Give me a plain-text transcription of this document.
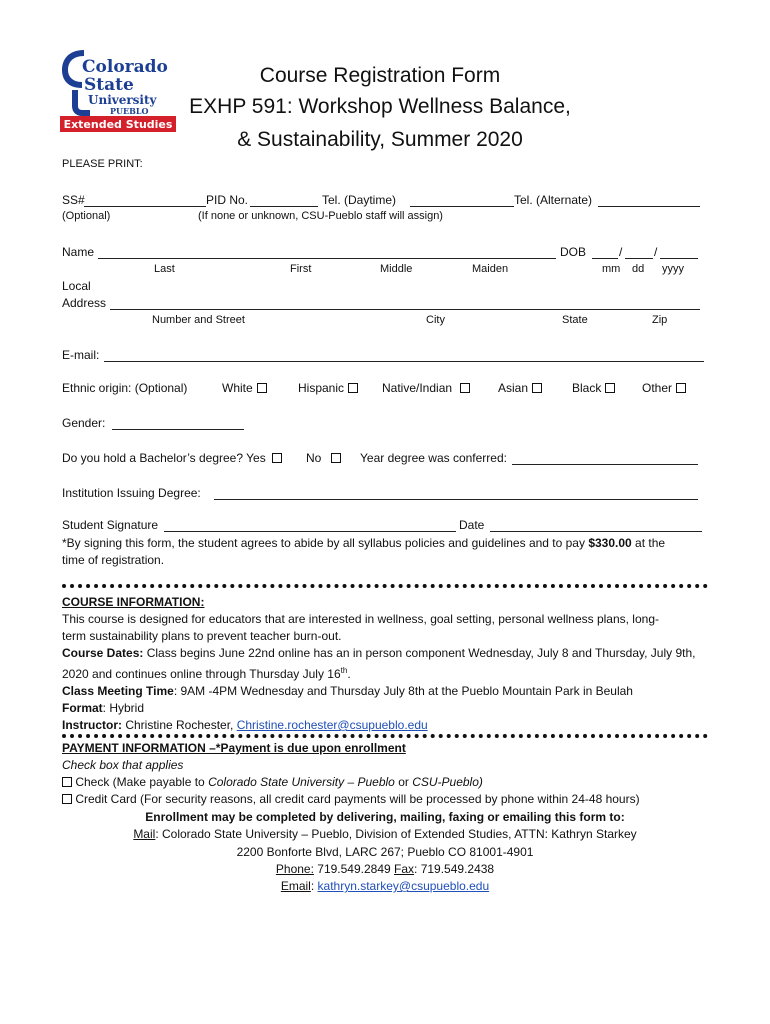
Colorado
State
University
PUEBLO
Extended Studies
Course Registration Form
EXHP 591: Workshop Wellness Balance,
& Sustainability, Summer 2020
PLEASE PRINT:
SS#	PID No.	Tel. (Daytime)	Tel. (Alternate)
(Optional)	(If none or unknown, CSU-Pueblo staff will assign)
Name	DOB	/	/
Last	First	Middle	Maiden	mm dd yyyy
Local
Address
Number and Street	City	State	Zip
E-mail:
Ethnic origin: (Optional)	White	Hispanic	Native/Indian	Asian	Black	Other
Gender:
Do you hold a Bachelor’s degree? Yes	No	Year degree was conferred:
Institution Issuing Degree:
Student Signature	Date
*By signing this form, the student agrees to abide by all syllabus policies and guidelines and to pay $330.00 at the
time of registration.
COURSE INFORMATION:
This course is designed for educators that are interested in wellness, goal setting, personal wellness plans, long-
term sustainability plans to prevent teacher burn-out.
Course Dates: Class begins June 22nd online has an in person component Wednesday, July 8 and Thursday, July 9th,
2020 and continues online through Thursday July 16th.
Class Meeting Time: 9AM -4PM Wednesday and Thursday July 8th at the Pueblo Mountain Park in Beulah
Format: Hybrid
Instructor: Christine Rochester, Christine.rochester@csupueblo.edu
PAYMENT INFORMATION –*Payment is due upon enrollment
Check box that applies
Check (Make payable to Colorado State University – Pueblo or CSU-Pueblo)
Credit Card (For security reasons, all credit card payments will be processed by phone within 24-48 hours)
Enrollment may be completed by delivering, mailing, faxing or emailing this form to:
Mail: Colorado State University – Pueblo, Division of Extended Studies, ATTN: Kathryn Starkey
2200 Bonforte Blvd, LARC 267; Pueblo CO 81001-4901
Phone: 719.549.2849 Fax: 719.549.2438
Email: kathryn.starkey@csupueblo.edu
